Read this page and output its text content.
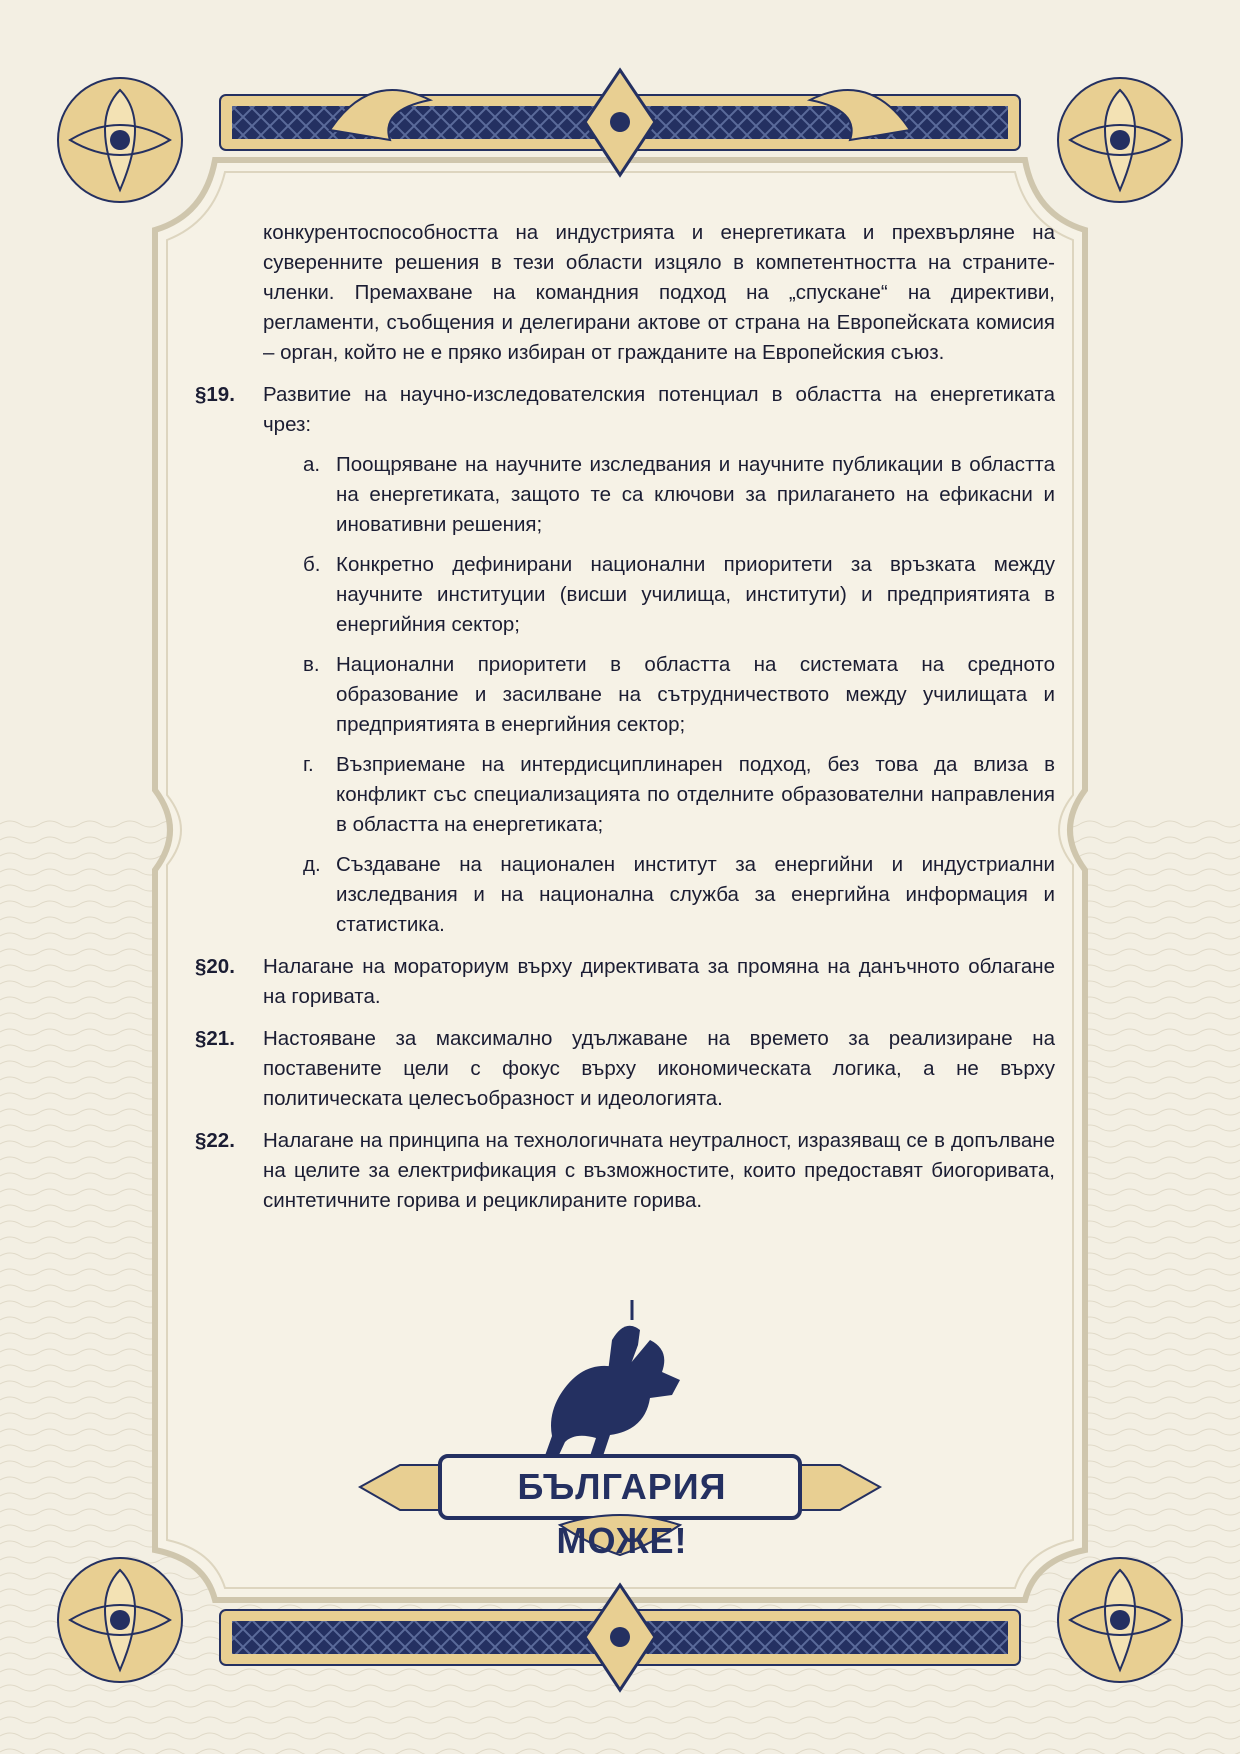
конкурентоспособността на индустрията и енергетиката и прехвърляне на суверенните решения в тези области изцяло в компетентността на страните-членки. Премахване на командния подход на „спускане“ на директиви, регламенти, съобщения и делегирани актове от страна на Европейската комисия – орган, който не е пряко избиран от гражданите на Европейския съюз.
§19. Развитие на научно-изследователския потенциал в областта на енергетиката чрез:
а. Поощряване на научните изследвания и научните публикации в областта на енергетиката, защото те са ключови за прилагането на ефикасни и иновативни решения;
б. Конкретно дефинирани национални приоритети за връзката между научните институции (висши училища, институти) и предприятията в енергийния сектор;
в. Национални приоритети в областта на системата на средното образование и засилване на сътрудничеството между училищата и предприятията в енергийния сектор;
г.	Възприемане на интердисциплинарен подход, без това да влиза в конфликт със специализацията по отделните образователни направления в областта на енергетиката;
д. Създаване на национален институт за енергийни и индустриални изследвания и на национална служба за енергийна информация и статистика.
§20. Налагане на мораториум върху директивата за промяна на данъчното облагане на горивата.
§21. Настояване за максимално удължаване на времето за реализиране на поставените цели с фокус върху икономическата логика, а не върху политическата целесъобразност и идеологията.
§22. Налагане на принципа на технологичната неутралност, изразяващ се в допълване на целите за електрификация с възможностите, които предоставят биогоривата, синтетичните горива и рециклираните горива.
БЪЛГАРИЯ МОЖЕ!
